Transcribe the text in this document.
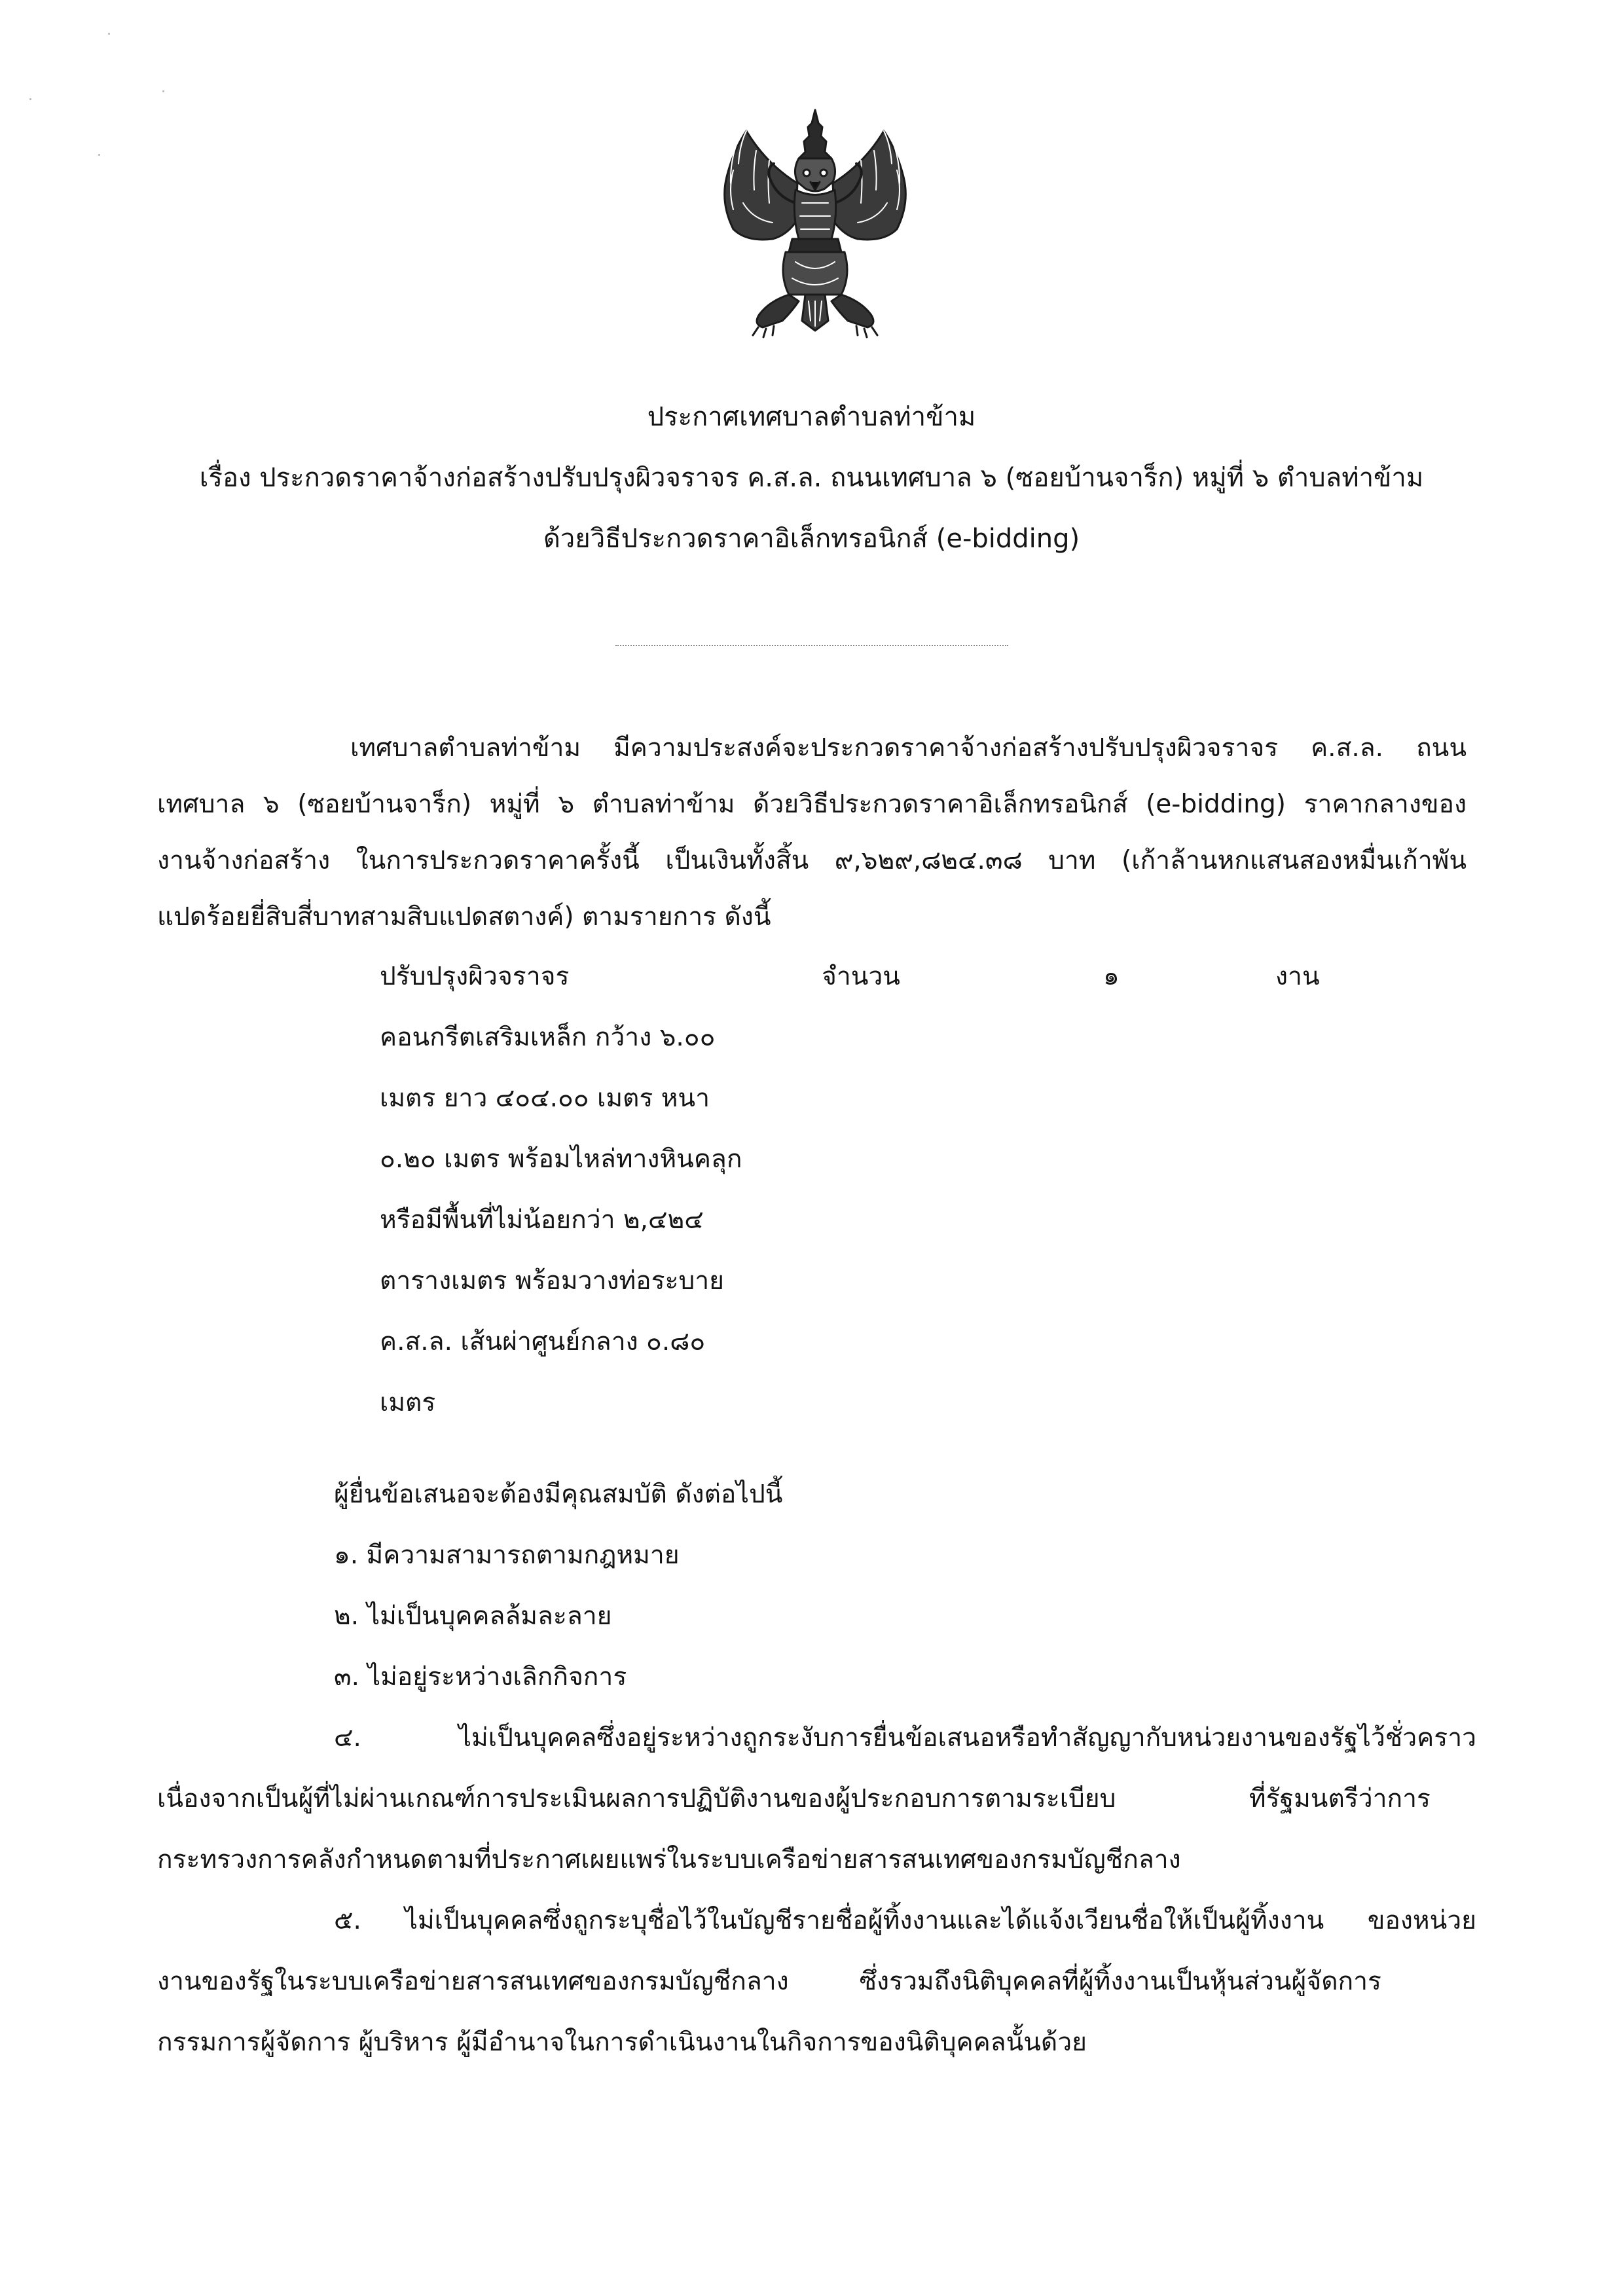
ประกาศเทศบาลตำบลท่าข้าม
เรื่อง ประกวดราคาจ้างก่อสร้างปรับปรุงผิวจราจร ค.ส.ล. ถนนเทศบาล ๖ (ซอยบ้านจาร็ก) หมู่ที่ ๖ ตำบลท่าข้าม
ด้วยวิธีประกวดราคาอิเล็กทรอนิกส์ (e-bidding)
เทศบาลตำบลท่าข้าม มีความประสงค์จะประกวดราคาจ้างก่อสร้างปรับปรุงผิวจราจร ค.ส.ล. ถนน
เทศบาล ๖ (ซอยบ้านจาร็ก) หมู่ที่ ๖ ตำบลท่าข้าม ด้วยวิธีประกวดราคาอิเล็กทรอนิกส์ (e-bidding) ราคากลางของ
งานจ้างก่อสร้าง ในการประกวดราคาครั้งนี้ เป็นเงินทั้งสิ้น ๙,๖๒๙,๘๒๔.๓๘ บาท (เก้าล้านหกแสนสองหมื่นเก้าพัน
แปดร้อยยี่สิบสี่บาทสามสิบแปดสตางค์) ตามรายการ ดังนี้
ปรับปรุงผิวจราจร	จำนวน	๑	งาน
คอนกรีตเสริมเหล็ก กว้าง ๖.๐๐
เมตร ยาว ๔๐๔.๐๐ เมตร หนา
๐.๒๐ เมตร พร้อมไหล่ทางหินคลุก
หรือมีพื้นที่ไม่น้อยกว่า ๒,๔๒๔
ตารางเมตร พร้อมวางท่อระบาย
ค.ส.ล. เส้นผ่าศูนย์กลาง ๐.๘๐
เมตร
ผู้ยื่นข้อเสนอจะต้องมีคุณสมบัติ ดังต่อไปนี้
๑. มีความสามารถตามกฎหมาย
๒. ไม่เป็นบุคคลล้มละลาย
๓. ไม่อยู่ระหว่างเลิกกิจการ
๔. ไม่เป็นบุคคลซึ่งอยู่ระหว่างถูกระงับการยื่นข้อเสนอหรือทำสัญญากับหน่วยงานของรัฐไว้ชั่วคราว
เนื่องจากเป็นผู้ที่ไม่ผ่านเกณฑ์การประเมินผลการปฏิบัติงานของผู้ประกอบการตามระเบียบ ที่รัฐมนตรีว่าการ
กระทรวงการคลังกำหนดตามที่ประกาศเผยแพร่ในระบบเครือข่ายสารสนเทศของกรมบัญชีกลาง
๕. ไม่เป็นบุคคลซึ่งถูกระบุชื่อไว้ในบัญชีรายชื่อผู้ทิ้งงานและได้แจ้งเวียนชื่อให้เป็นผู้ทิ้งงาน ของหน่วย
งานของรัฐในระบบเครือข่ายสารสนเทศของกรมบัญชีกลาง ซึ่งรวมถึงนิติบุคคลที่ผู้ทิ้งงานเป็นหุ้นส่วนผู้จัดการ
กรรมการผู้จัดการ ผู้บริหาร ผู้มีอำนาจในการดำเนินงานในกิจการของนิติบุคคลนั้นด้วย
